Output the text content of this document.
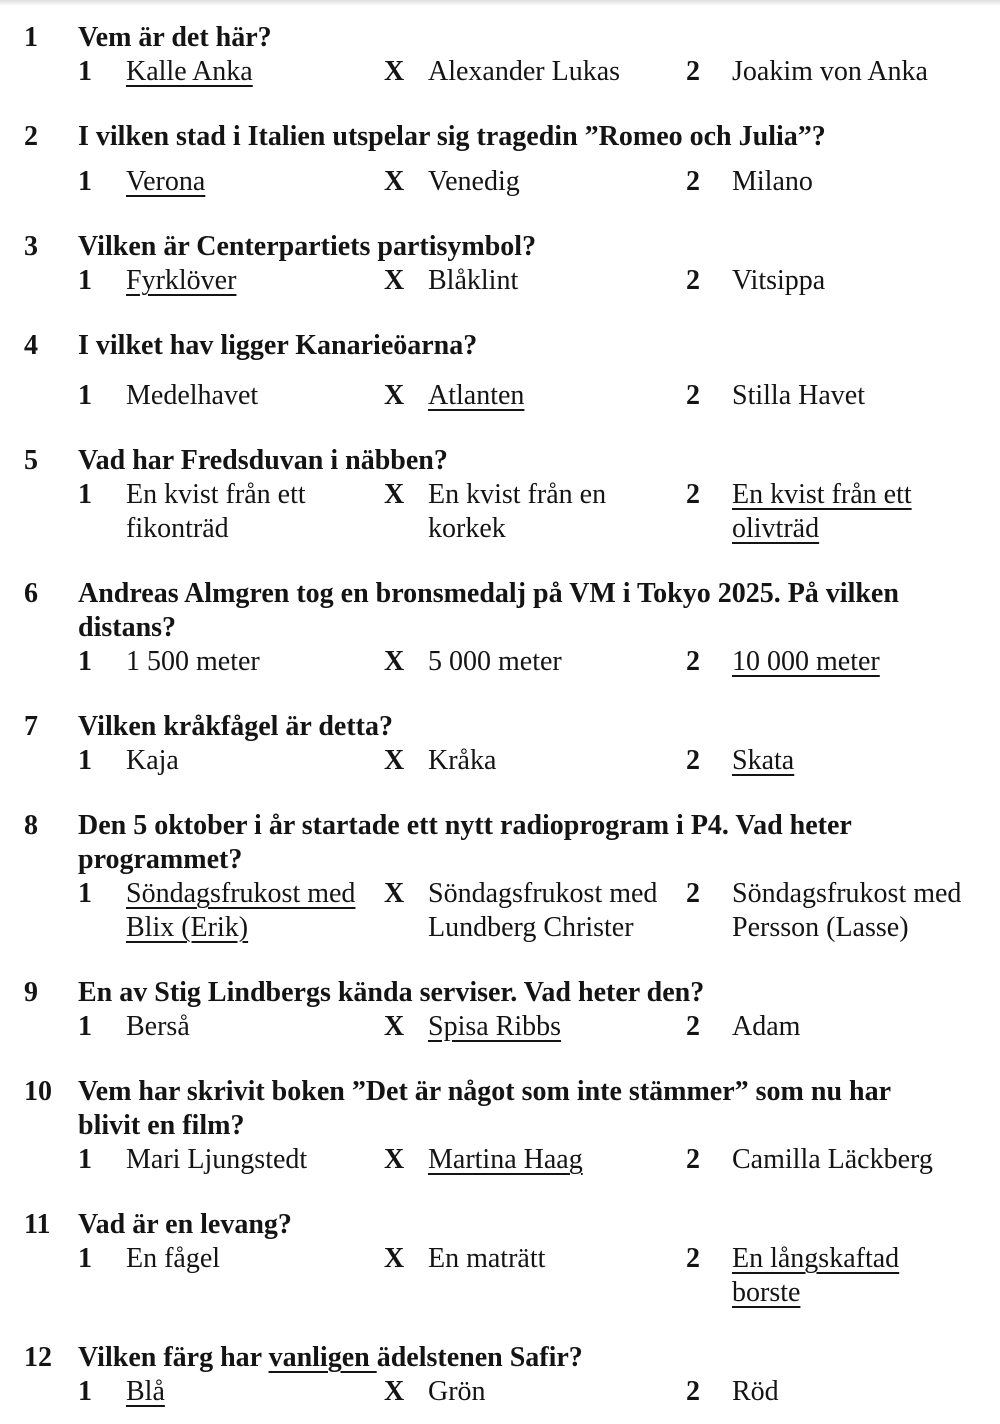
1	Vem är det här?
1	Kalle Anka	X Alexander Lukas	2	Joakim von Anka
2	I vilken stad i Italien utspelar sig tragedin ”Romeo och Julia”?
1	Verona	X Venedig	2	Milano
3	Vilken är Centerpartiets partisymbol?
1	Fyrklöver	X Blåklint	2	Vitsippa
4	I vilket hav ligger Kanarieöarna?
1	Medelhavet	X Atlanten	2	Stilla Havet
5	Vad har Fredsduvan i näbben?
1	En kvist från ett
fikonträd
X En kvist från en
korkek
2	En kvist från ett
olivträd
6	Andreas Almgren tog en bronsmedalj på VM i Tokyo 2025. På vilken
distans?
1	1 500 meter	X 5 000 meter	2	10 000 meter
7	Vilken kråkfågel är detta?
1	Kaja	X Kråka	2	Skata
8	Den 5 oktober i år startade ett nytt radioprogram i P4. Vad heter
programmet?
1	Söndagsfrukost med
Blix (Erik)
X Söndagsfrukost med
Lundberg Christer
2	Söndagsfrukost med
Persson (Lasse)
9	En av Stig Lindbergs kända serviser. Vad heter den?
1	Berså	X Spisa Ribbs	2	Adam
10 Vem har skrivit boken ”Det är något som inte stämmer” som nu har
blivit en film?
1	Mari Ljungstedt	X Martina Haag	2	Camilla Läckberg
11 Vad är en levang?
1	En fågel	X En maträtt	2	En långskaftad
borste
12 Vilken färg har vanligen ädelstenen Safir?
1	Blå	X Grön	2	Röd
